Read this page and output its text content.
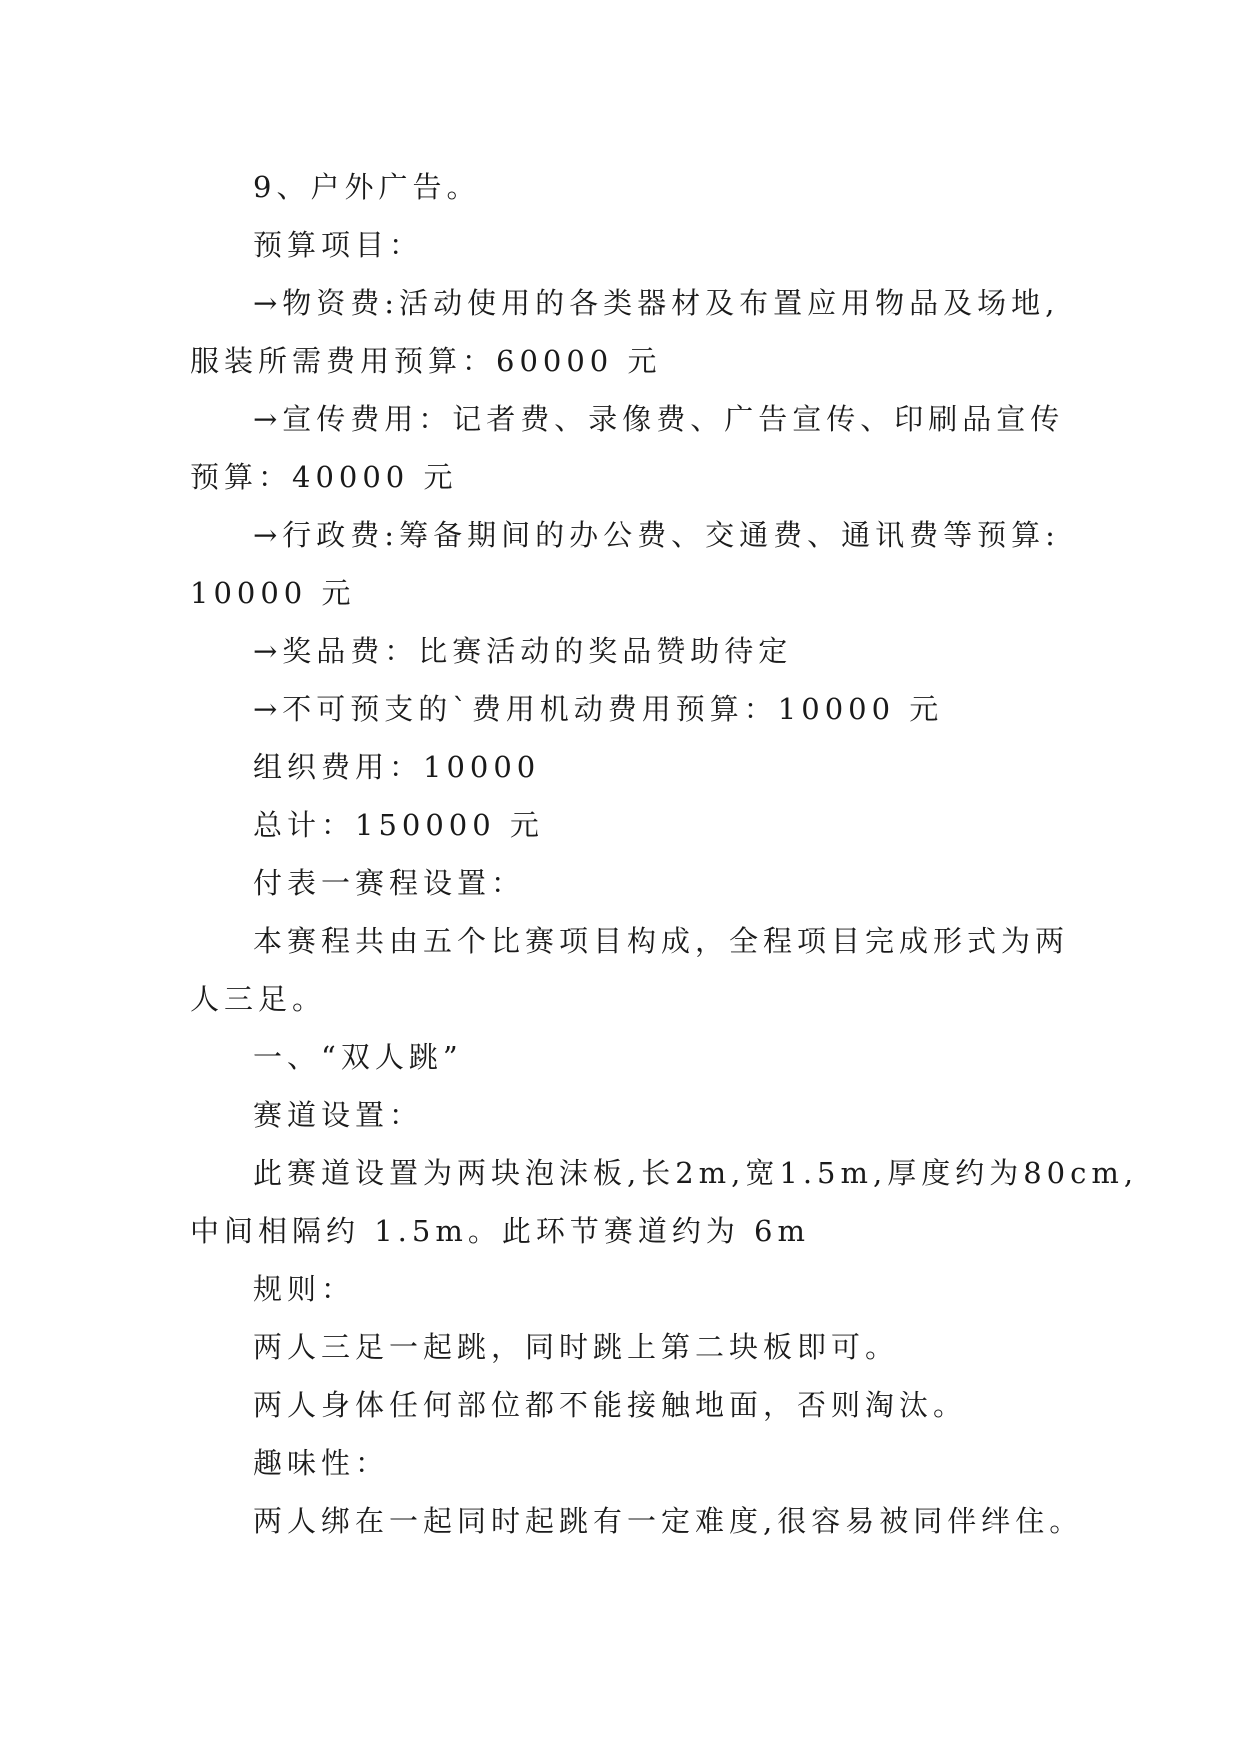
9、户外广告。
预算项目：
→物资费:活动使用的各类器材及布置应用物品及场地,
服装所需费用预算：60000 元
→宣传费用：记者费、录像费、广告宣传、印刷品宣传
预算：40000 元
→行政费:筹备期间的办公费、交通费、通讯费等预算:
10000 元
→奖品费：比赛活动的奖品赞助待定
→不可预支的`费用机动费用预算：10000 元
组织费用：10000
总计：150000 元
付表一赛程设置：
本赛程共由五个比赛项目构成，全程项目完成形式为两
人三足。
一、“双人跳”
赛道设置：
此赛道设置为两块泡沫板,长2m,宽1.5m,厚度约为80cm,
中间相隔约 1.5m。此环节赛道约为 6m
规则：
两人三足一起跳，同时跳上第二块板即可。
两人身体任何部位都不能接触地面，否则淘汰。
趣味性：
两人绑在一起同时起跳有一定难度,很容易被同伴绊住。
